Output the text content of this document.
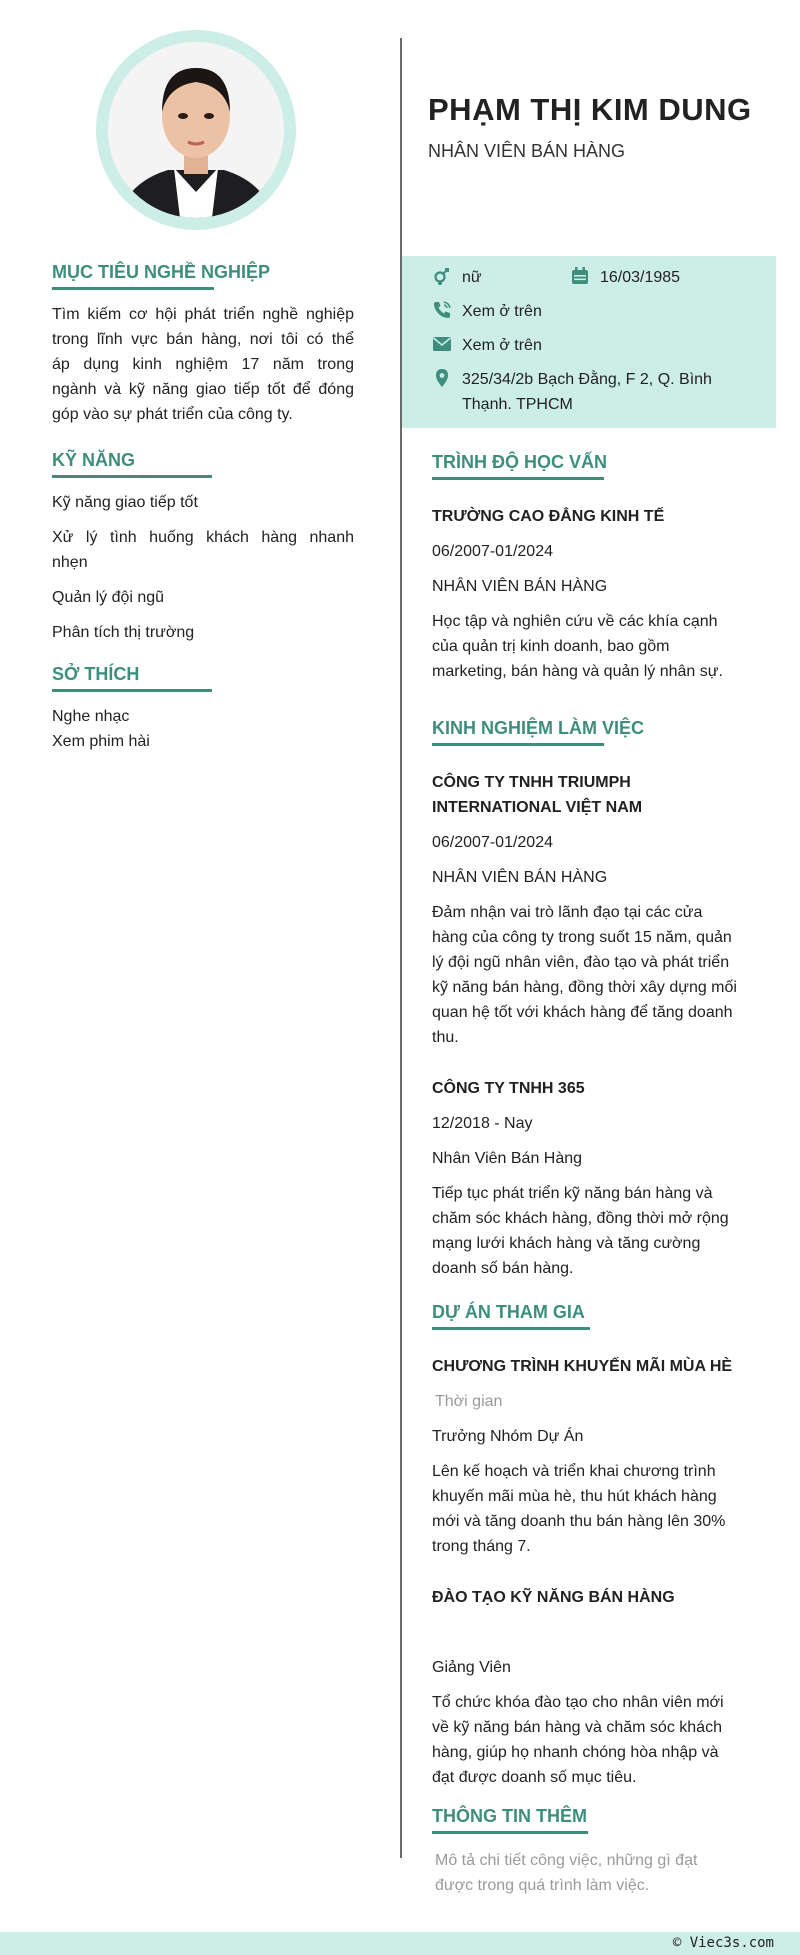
MỤC TIÊU NGHỀ NGHIỆP
Tìm kiếm cơ hội phát triển nghề nghiệp
trong lĩnh vực bán hàng, nơi tôi có thể
áp dụng kinh nghiệm 17 năm trong
ngành và kỹ năng giao tiếp tốt để đóng
góp vào sự phát triển của công ty.
KỸ NĂNG
Kỹ năng giao tiếp tốt
Xử lý tình huống khách hàng nhanh
nhẹn
Quản lý đội ngũ
Phân tích thị trường
SỞ THÍCH
Nghe nhạc
Xem phim hài
PHẠM THỊ KIM DUNG
NHÂN VIÊN BÁN HÀNG
nữ	16/03/1985
Xem ở trên
Xem ở trên
325/34/2b Bạch Đằng, F 2, Q. Bình
Thạnh. TPHCM
TRÌNH ĐỘ HỌC VẤN
TRƯỜNG CAO ĐẲNG KINH TẾ
06/2007-01/2024
NHÂN VIÊN BÁN HÀNG
Học tập và nghiên cứu về các khía cạnh
của quản trị kinh doanh, bao gồm
marketing, bán hàng và quản lý nhân sự.
KINH NGHIỆM LÀM VIỆC
CÔNG TY TNHH TRIUMPH
INTERNATIONAL VIỆT NAM
06/2007-01/2024
NHÂN VIÊN BÁN HÀNG
Đảm nhận vai trò lãnh đạo tại các cửa
hàng của công ty trong suốt 15 năm, quản
lý đội ngũ nhân viên, đào tạo và phát triển
kỹ năng bán hàng, đồng thời xây dựng mối
quan hệ tốt với khách hàng để tăng doanh
thu.
CÔNG TY TNHH 365
12/2018 - Nay
Nhân Viên Bán Hàng
Tiếp tục phát triển kỹ năng bán hàng và
chăm sóc khách hàng, đồng thời mở rộng
mạng lưới khách hàng và tăng cường
doanh số bán hàng.
DỰ ÁN THAM GIA
CHƯƠNG TRÌNH KHUYẾN MÃI MÙA HÈ
Thời gian
Trưởng Nhóm Dự Án
Lên kế hoạch và triển khai chương trình
khuyến mãi mùa hè, thu hút khách hàng
mới và tăng doanh thu bán hàng lên 30%
trong tháng 7.
ĐÀO TẠO KỸ NĂNG BÁN HÀNG
Giảng Viên
Tổ chức khóa đào tạo cho nhân viên mới
về kỹ năng bán hàng và chăm sóc khách
hàng, giúp họ nhanh chóng hòa nhập và
đạt được doanh số mục tiêu.
THÔNG TIN THÊM
Mô tả chi tiết công việc, những gì đạt
được trong quá trình làm việc.
© Viec3s.com
